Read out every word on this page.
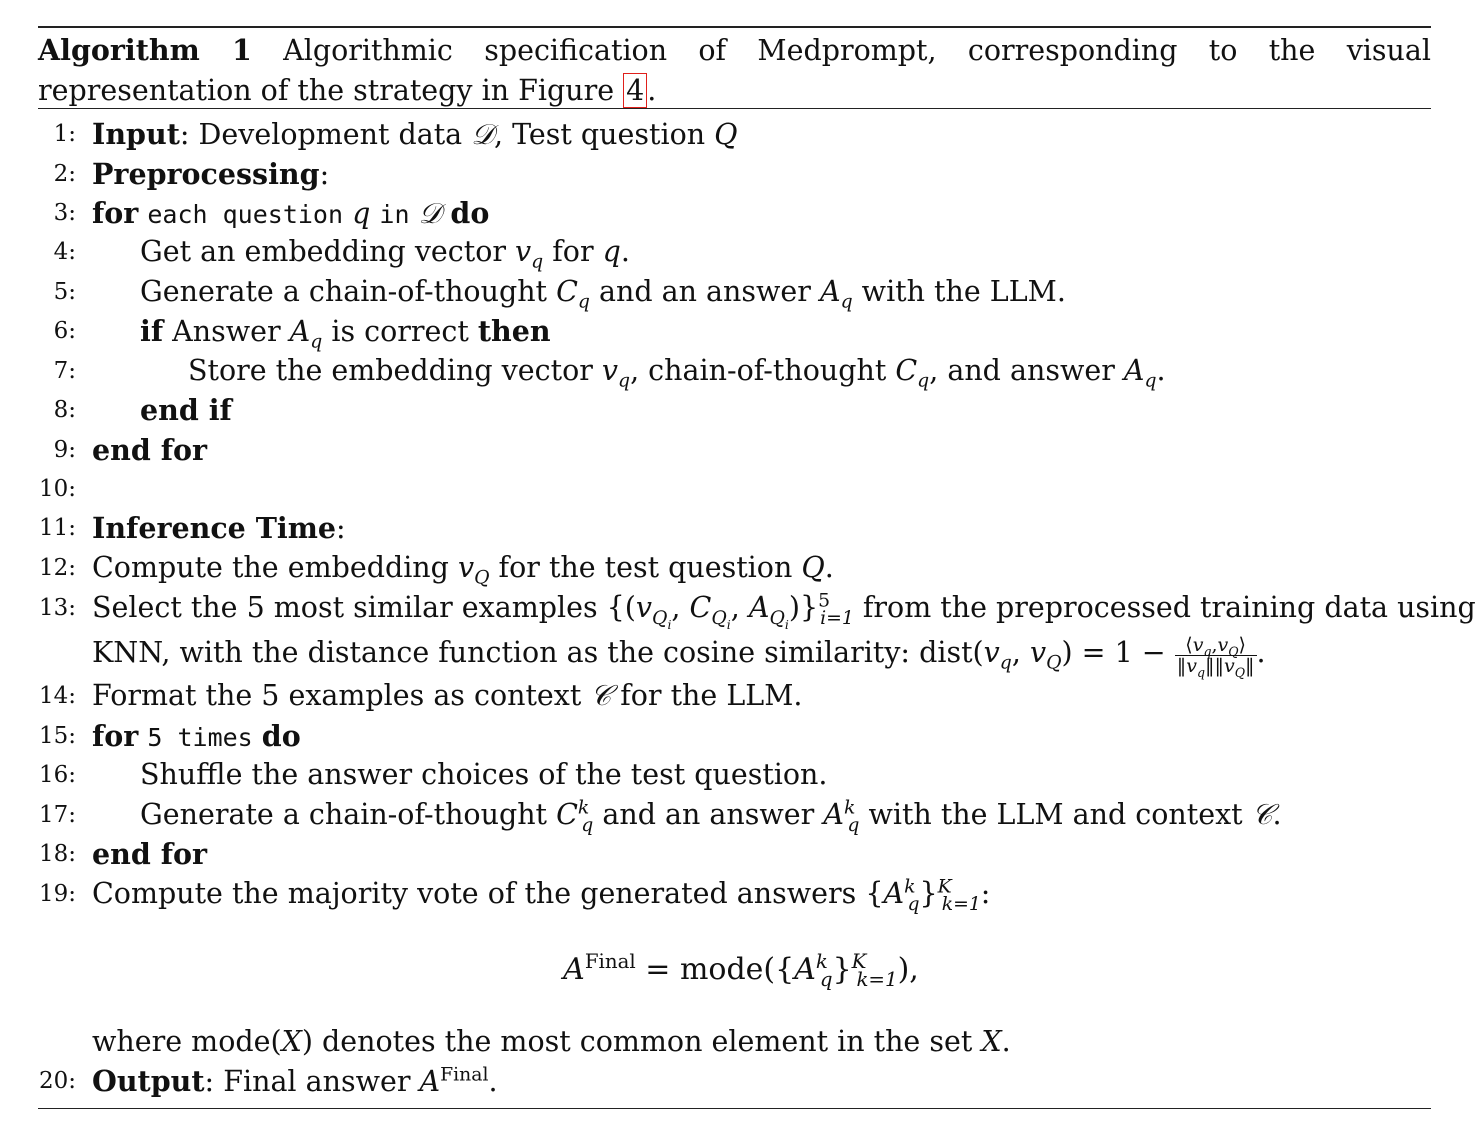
Algorithm 1 Algorithmic specification of Medprompt, corresponding to the visual representation of the strategy in Figure 4 .
1: Input: Development data 𝒟, Test question Q
2: Preprocessing:
3: for each question q in 𝒟 do
4: Get an embedding vector $v_q$ for q.
5: Generate a chain-of-thought $C_q$ and an answer $A_q$ with the LLM.
6: if Answer $A_q$ is correct then
7:	Store the embedding vector $v_q$, chain-of-thought $C_q$, and answer $A_q$.
8: end if
9: end for
10:
11: Inference Time:
12: Compute the embedding $v_Q$ for the test question Q.
13: Select the 5 most similar examples {($v_{Q_i}$, $C_{Q_i}$, $A_{Q_i})\}^5_{i=1}$ from the preprocessed training data using
KNN, with the distance function as the cosine similarity: $dist(v_q$, $v_Q) = 1 - \frac{⟨v_q,v_Q⟩}{‖v_q‖‖v_Q‖}$ .
14: Format the 5 examples as context 𝒞 for the LLM.
15: for 5 times do
16: Shuffle the answer choices of the test question.
17: Generate a chain-of-thought $C^k_q$ and an answer $A^k_q$ with the LLM and context 𝒞.
18: end for
19: Compute the majority vote of the generated answers $\{A^k_q\}^K_{k=1}$:
$A^{Final}$ = $mode(\{A^k_q\}^K_{k=1})$,
where mode(X) denotes the most common element in the set X.
20: Output: Final answer $A^{Final}$.
